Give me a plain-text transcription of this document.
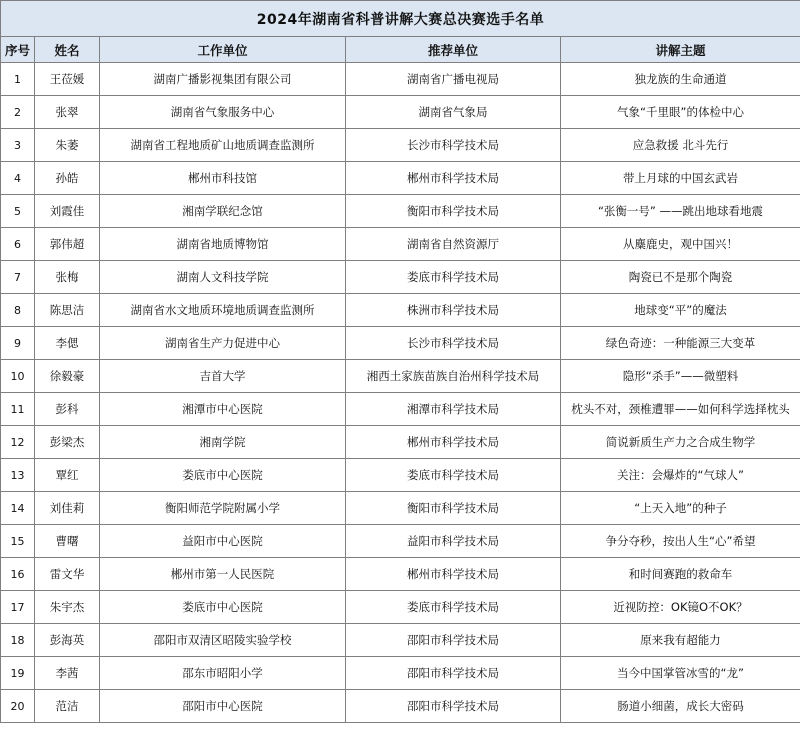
2024年湖南省科普讲解大赛总决赛选手名单				
序号	姓名	工作单位	推荐单位	讲解主题
1	王莅媛	湖南广播影视集团有限公司	湖南省广播电视局	独龙族的生命通道
2	张翠	湖南省气象服务中心	湖南省气象局	气象“千里眼”的体检中心
3	朱萎	湖南省工程地质矿山地质调查监测所	长沙市科学技术局	应急救援 北斗先行
4	孙皓	郴州市科技馆	郴州市科学技术局	带上月球的中国玄武岩
5	刘霞佳	湘南学联纪念馆	衡阳市科学技术局	“张衡一号” ——跳出地球看地震
6	郭伟超	湖南省地质博物馆	湖南省自然资源厅	从麋鹿史，观中国兴！
7	张梅	湖南人文科技学院	娄底市科学技术局	陶瓷已不是那个陶瓷
8	陈思洁	湖南省水文地质环境地质调查监测所	株洲市科学技术局	地球变“平”的魔法
9	李偲	湖南省生产力促进中心	长沙市科学技术局	绿色奇迹：一种能源三大变革
10	徐毅豪	吉首大学	湘西土家族苗族自治州科学技术局	隐形“杀手”——微塑料
11	彭科	湘潭市中心医院	湘潭市科学技术局	枕头不对，颈椎遭罪——如何科学选择枕头
12	彭梁杰	湘南学院	郴州市科学技术局	简说新质生产力之合成生物学
13	覃红	娄底市中心医院	娄底市科学技术局	关注：会爆炸的“气球人”
14	刘佳莉	衡阳师范学院附属小学	衡阳市科学技术局	“上天入地”的种子
15	曹曙	益阳市中心医院	益阳市科学技术局	争分夺秒，按出人生“心”希望
16	雷文华	郴州市第一人民医院	郴州市科学技术局	和时间赛跑的救命车
17	朱宇杰	娄底市中心医院	娄底市科学技术局	近视防控：OK镜O不OK？
18	彭海英	邵阳市双清区昭陵实验学校	邵阳市科学技术局	原来我有超能力
19	李茜	邵东市昭阳小学	邵阳市科学技术局	当今中国掌管冰雪的“龙”
20	范洁	邵阳市中心医院	邵阳市科学技术局	肠道小细菌，成长大密码
